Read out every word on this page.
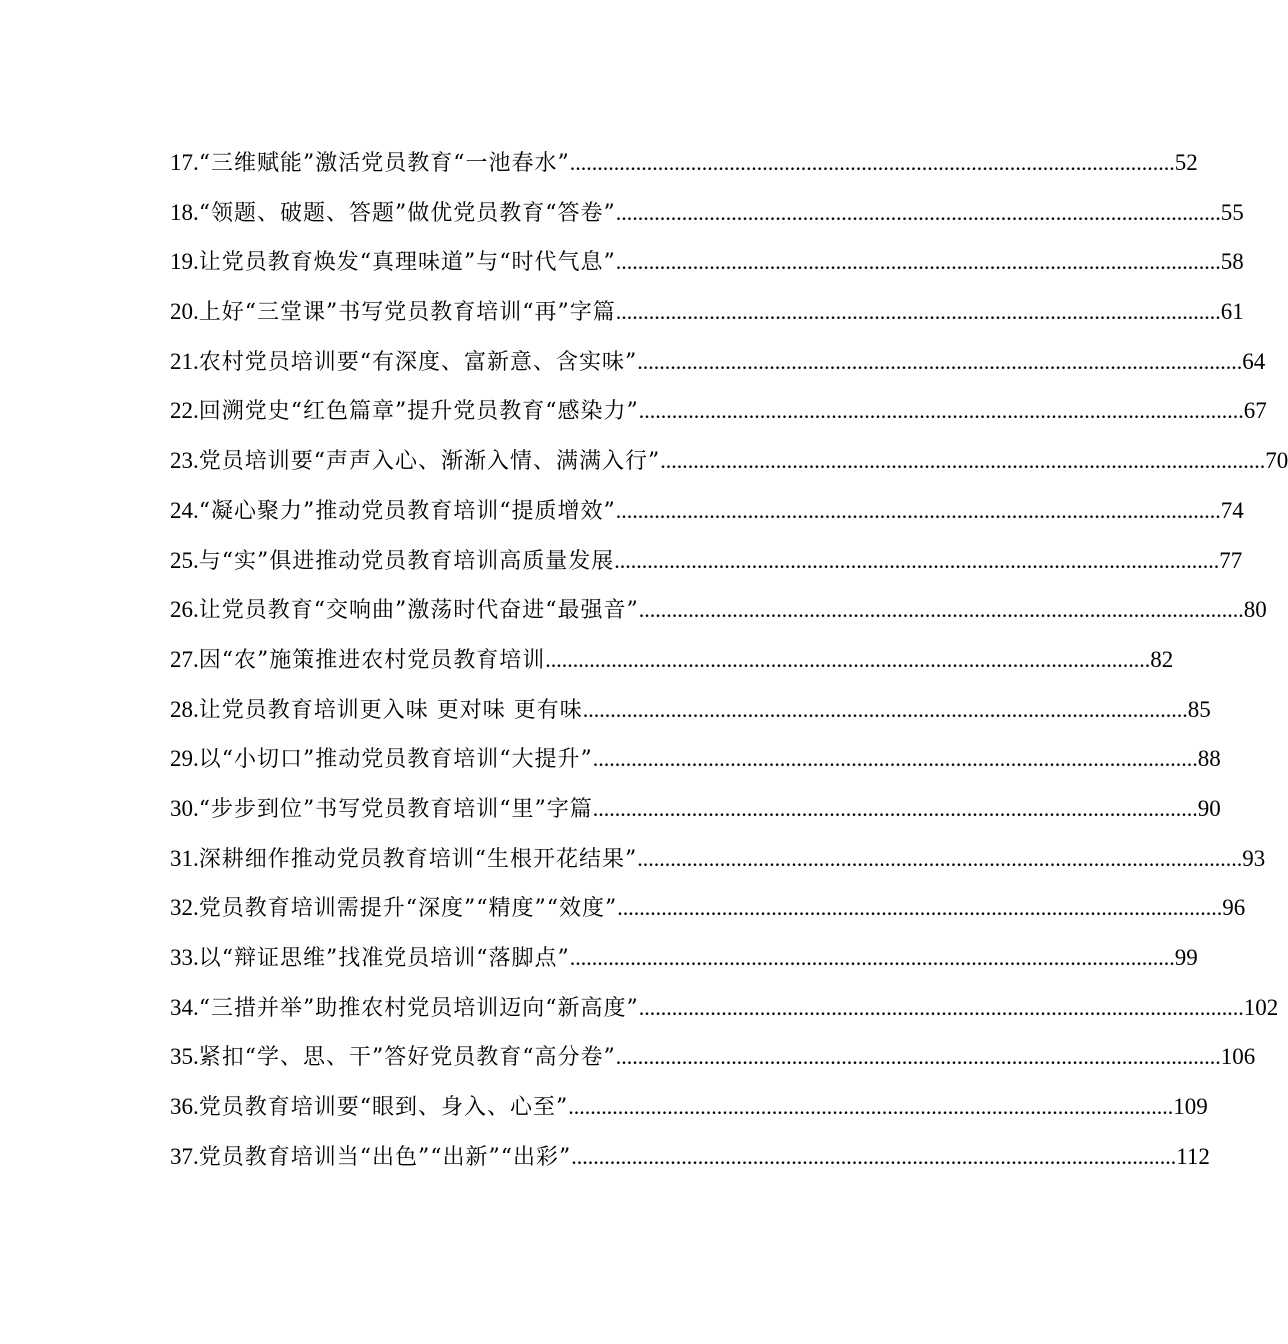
17. “三维赋能”激活党员教育“一池春水” .....	52
18. “领题、破题、答题”做优党员教育“答卷” .....	55
19. 让党员教育焕发“真理味道”与“时代气息” .....	58
20. 上好“三堂课”书写党员教育培训“再”字篇 .....	61
21. 农村党员培训要“有深度、富新意、含实味” .....	64
22. 回溯党史“红色篇章”提升党员教育“感染力” .....	67
23. 党员培训要“声声入心、渐渐入情、满满入行” .....	70
24. “凝心聚力”推动党员教育培训“提质增效” .....	74
25. 与“实”俱进推动党员教育培训高质量发展 .....	77
26. 让党员教育“交响曲”激荡时代奋进“最强音” .....	80
27. 因“农”施策推进农村党员教育培训 .....	82
28. 让党员教育培训更入味 更对味 更有味 .....	85
29. 以“小切口”推动党员教育培训“大提升” .....	88
30. “步步到位”书写党员教育培训“里”字篇 .....	90
31. 深耕细作推动党员教育培训“生根开花结果” .....	93
32. 党员教育培训需提升“深度”“精度”“效度” .....	96
33. 以“辩证思维”找准党员培训“落脚点” .....	99
34. “三措并举”助推农村党员培训迈向“新高度” .....	102
35. 紧扣“学、思、干”答好党员教育“高分卷” .....	106
36. 党员教育培训要“眼到、身入、心至” .....	109
37. 党员教育培训当“出色”“出新”“出彩” .....	112
